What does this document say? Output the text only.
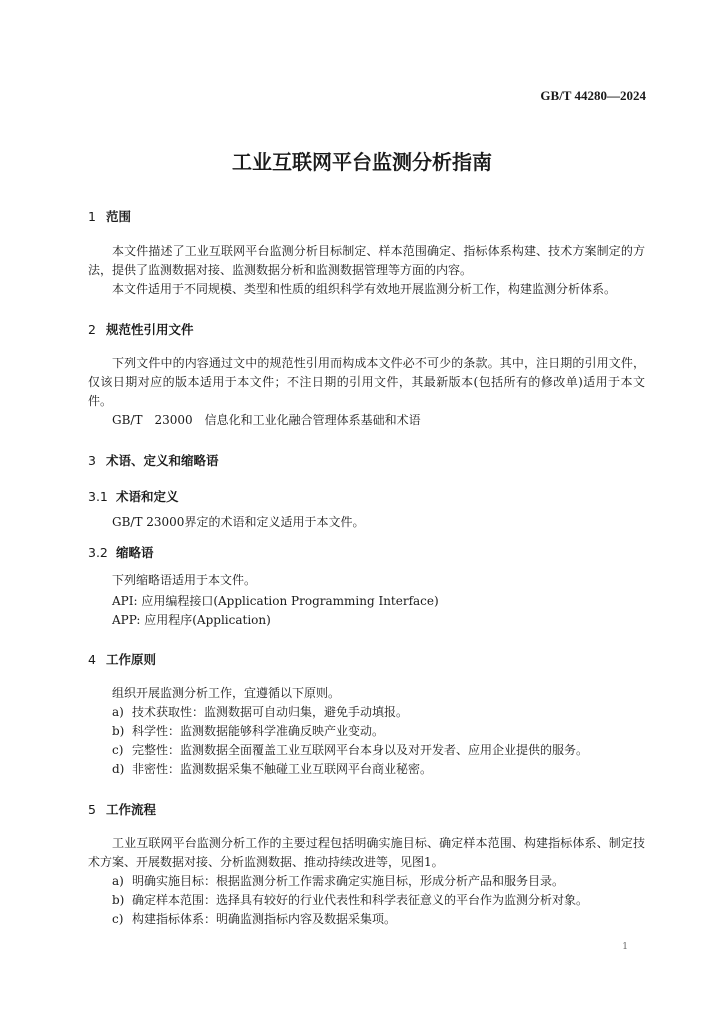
GB/T 44280—2024
工业互联网平台监测分析指南
1 范围
本文件描述了工业互联网平台监测分析目标制定、样本范围确定、指标体系构建、技术方案制定的方法，提供了监测数据对接、监测数据分析和监测数据管理等方面的内容。
本文件适用于不同规模、类型和性质的组织科学有效地开展监测分析工作，构建监测分析体系。
2 规范性引用文件
下列文件中的内容通过文中的规范性引用而构成本文件必不可少的条款。其中，注日期的引用文件，仅该日期对应的版本适用于本文件；不注日期的引用文件，其最新版本(包括所有的修改单)适用于本文件。
GB/T　23000　信息化和工业化融合管理体系基础和术语
3 术语、定义和缩略语
3.1 术语和定义
GB/T 23000界定的术语和定义适用于本文件。
3.2 缩略语
下列缩略语适用于本文件。
API: 应用编程接口(Application Programming Interface)
APP: 应用程序(Application)
4 工作原则
组织开展监测分析工作，宜遵循以下原则。
a) 技术获取性：监测数据可自动归集，避免手动填报。
b) 科学性：监测数据能够科学准确反映产业变动。
c) 完整性：监测数据全面覆盖工业互联网平台本身以及对开发者、应用企业提供的服务。
d) 非密性：监测数据采集不触碰工业互联网平台商业秘密。
5 工作流程
工业互联网平台监测分析工作的主要过程包括明确实施目标、确定样本范围、构建指标体系、制定技术方案、开展数据对接、分析监测数据、推动持续改进等，见图1。
a) 明确实施目标：根据监测分析工作需求确定实施目标，形成分析产品和服务目录。
b) 确定样本范围：选择具有较好的行业代表性和科学表征意义的平台作为监测分析对象。
c) 构建指标体系：明确监测指标内容及数据采集项。
1
